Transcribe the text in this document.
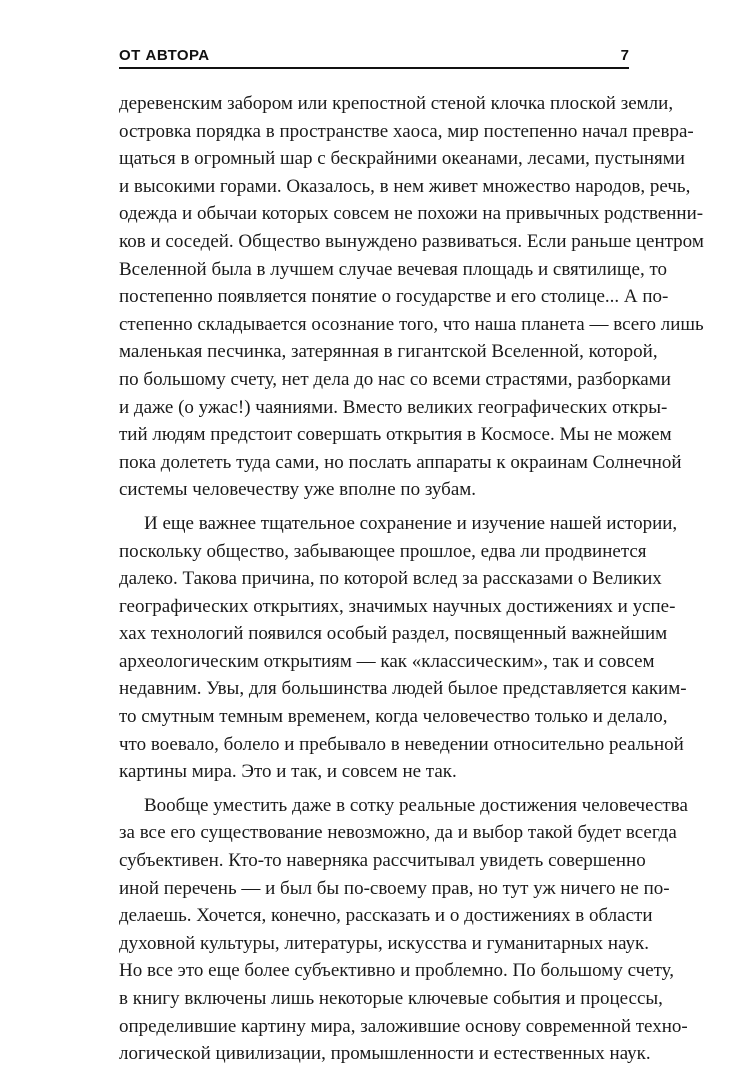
ОТ АВТОРА	7
деревенским забором или крепостной стеной клочка плоской земли,
островка порядка в пространстве хаоса, мир постепенно начал превра-
щаться в огромный шар с бескрайними океанами, лесами, пустынями
и высокими горами. Оказалось, в нем живет множество народов, речь,
одежда и обычаи которых совсем не похожи на привычных родственни-
ков и соседей. Общество вынуждено развиваться. Если раньше центром
Вселенной была в лучшем случае вечевая площадь и святилище, то
постепенно появляется понятие о государстве и его столице... А по-
степенно складывается осознание того, что наша планета — всего лишь
маленькая песчинка, затерянная в гигантской Вселенной, которой,
по большому счету, нет дела до нас со всеми страстями, разборками
и даже (о ужас!) чаяниями. Вместо великих географических откры-
тий людям предстоит совершать открытия в Космосе. Мы не можем
пока долететь туда сами, но послать аппараты к окраинам Солнечной
системы человечеству уже вполне по зубам.
И еще важнее тщательное сохранение и изучение нашей истории,
поскольку общество, забывающее прошлое, едва ли продвинется
далеко. Такова причина, по которой вслед за рассказами о Великих
географических открытиях, значимых научных достижениях и успе-
хах технологий появился особый раздел, посвященный важнейшим
археологическим открытиям — как «классическим», так и совсем
недавним. Увы, для большинства людей былое представляется каким-
то смутным темным временем, когда человечество только и делало,
что воевало, болело и пребывало в неведении относительно реальной
картины мира. Это и так, и совсем не так.
Вообще уместить даже в сотку реальные достижения человечества
за все его существование невозможно, да и выбор такой будет всегда
субъективен. Кто-то наверняка рассчитывал увидеть совершенно
иной перечень — и был бы по-своему прав, но тут уж ничего не по-
делаешь. Хочется, конечно, рассказать и о достижениях в области
духовной культуры, литературы, искусства и гуманитарных наук.
Но все это еще более субъективно и проблемно. По большому счету,
в книгу включены лишь некоторые ключевые события и процессы,
определившие картину мира, заложившие основу современной техно-
логической цивилизации, промышленности и естественных наук.
